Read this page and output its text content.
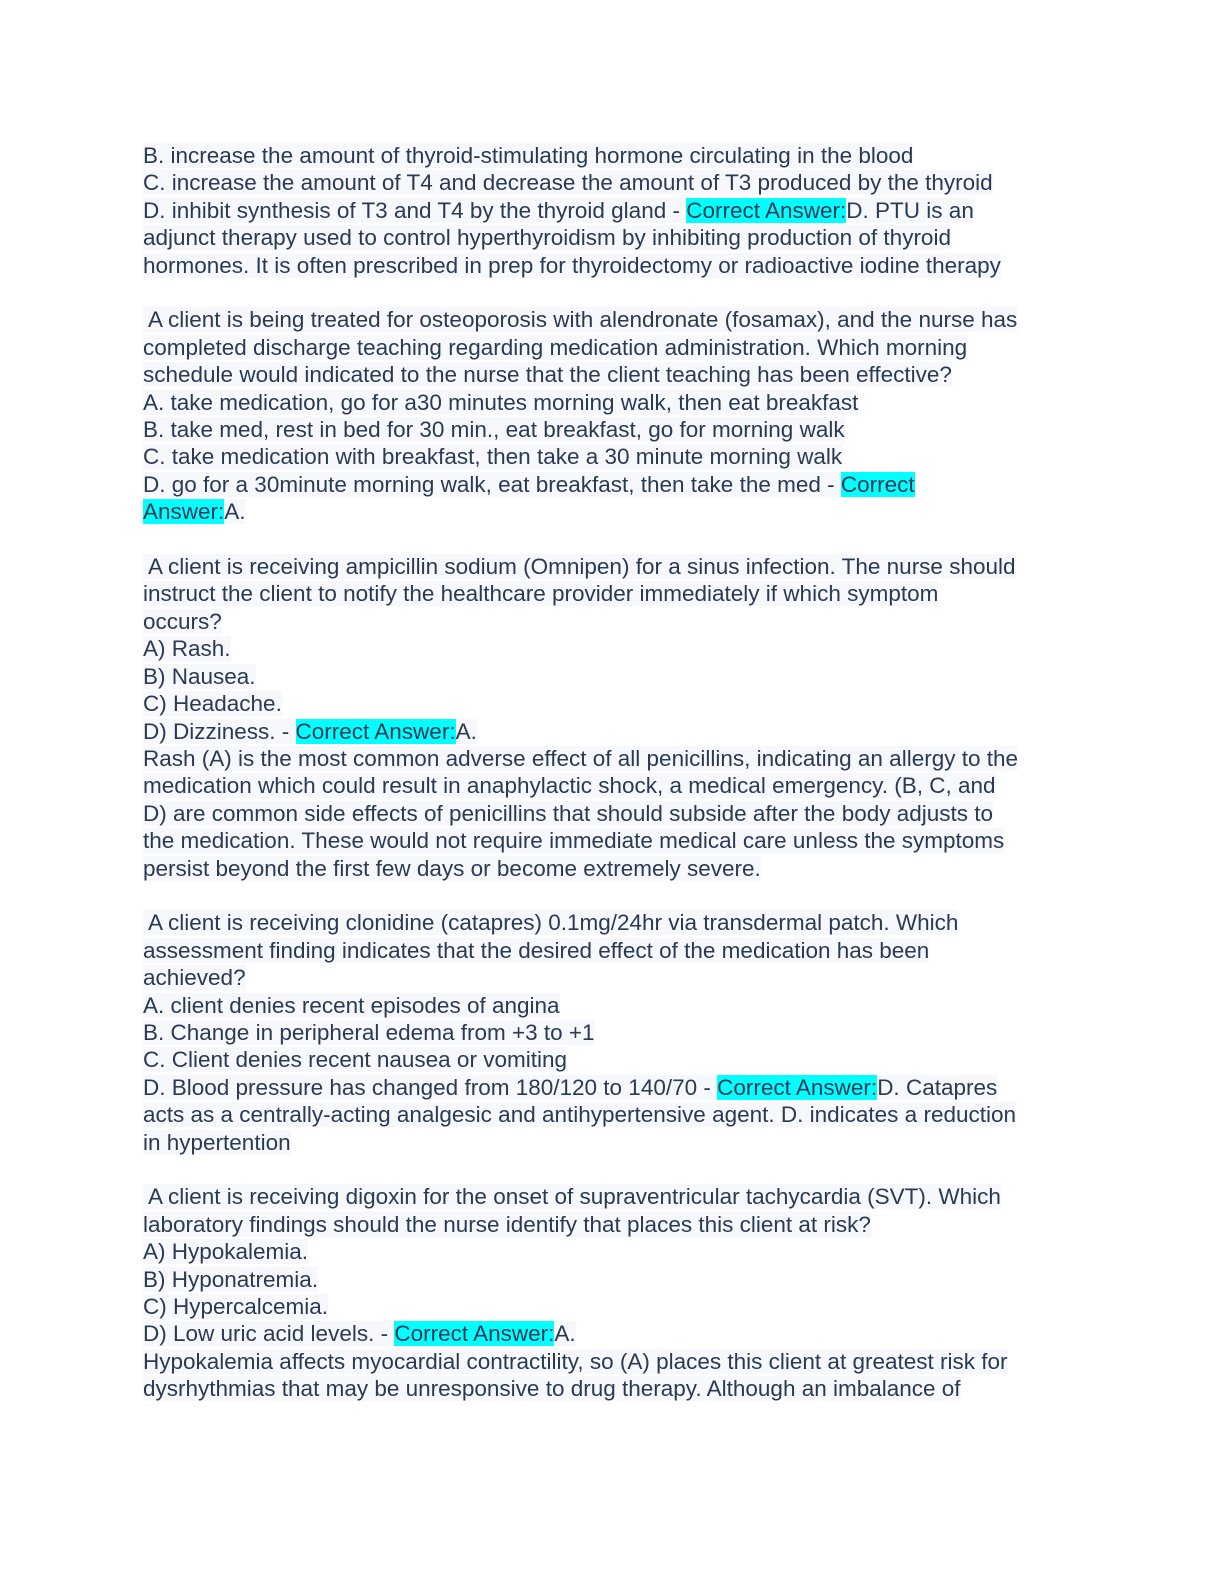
B. increase the amount of thyroid-stimulating hormone circulating in the blood
C. increase the amount of T4 and decrease the amount of T3 produced by the thyroid
D. inhibit synthesis of T3 and T4 by the thyroid gland - Correct Answer:D. PTU is an
adjunct therapy used to control hyperthyroidism by inhibiting production of thyroid
hormones. It is often prescribed in prep for thyroidectomy or radioactive iodine therapy
A client is being treated for osteoporosis with alendronate (fosamax), and the nurse has
completed discharge teaching regarding medication administration. Which morning
schedule would indicated to the nurse that the client teaching has been effective?
A. take medication, go for a30 minutes morning walk, then eat breakfast
B. take med, rest in bed for 30 min., eat breakfast, go for morning walk
C. take medication with breakfast, then take a 30 minute morning walk
D. go for a 30minute morning walk, eat breakfast, then take the med - Correct
Answer:A.
A client is receiving ampicillin sodium (Omnipen) for a sinus infection. The nurse should
instruct the client to notify the healthcare provider immediately if which symptom
occurs?
A) Rash.
B) Nausea.
C) Headache.
D) Dizziness. - Correct Answer:A.
Rash (A) is the most common adverse effect of all penicillins, indicating an allergy to the
medication which could result in anaphylactic shock, a medical emergency. (B, C, and
D) are common side effects of penicillins that should subside after the body adjusts to
the medication. These would not require immediate medical care unless the symptoms
persist beyond the first few days or become extremely severe.
A client is receiving clonidine (catapres) 0.1mg/24hr via transdermal patch. Which
assessment finding indicates that the desired effect of the medication has been
achieved?
A. client denies recent episodes of angina
B. Change in peripheral edema from +3 to +1
C. Client denies recent nausea or vomiting
D. Blood pressure has changed from 180/120 to 140/70 - Correct Answer:D. Catapres
acts as a centrally-acting analgesic and antihypertensive agent. D. indicates a reduction
in hypertention
A client is receiving digoxin for the onset of supraventricular tachycardia (SVT). Which
laboratory findings should the nurse identify that places this client at risk?
A) Hypokalemia.
B) Hyponatremia.
C) Hypercalcemia.
D) Low uric acid levels. - Correct Answer:A.
Hypokalemia affects myocardial contractility, so (A) places this client at greatest risk for
dysrhythmias that may be unresponsive to drug therapy. Although an imbalance of
